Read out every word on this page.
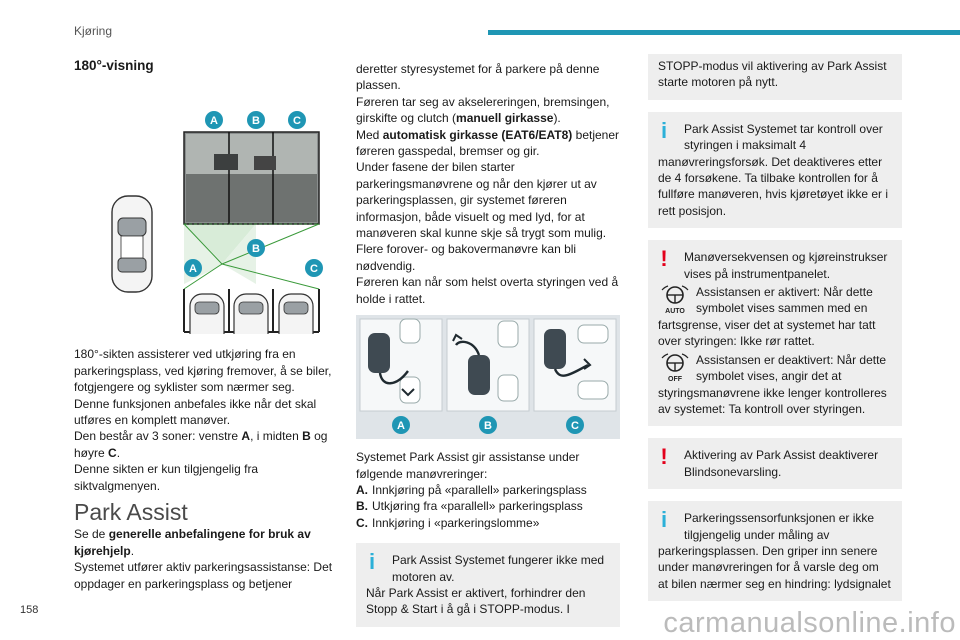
Kjøring
180°-visning
A	B	C
B
A	C

180°-sikten assisterer ved utkjøring fra en parkeringsplass, ved kjøring fremover, å se biler, fotgjengere og syklister som nærmer seg.

Denne funksjonen anbefales ikke når det skal utføres en komplett manøver.

Den består av 3 soner: venstre A, i midten B og høyre C.

Denne sikten er kun tilgjengelig fra siktvalgmenyen.

Park Assist

Se de generelle anbefalingene for bruk av kjørehjelp.

Systemet utfører aktiv parkeringsassistanse: Det oppdager en parkeringsplass og betjener

deretter styresystemet for å parkere på denne plassen.

Føreren tar seg av akselereringen, bremsingen, girskifte og clutch (manuell girkasse).

Med automatisk girkasse (EAT6/EAT8) betjener føreren gasspedal, bremser og gir.

Under fasene der bilen starter parkeringsmanøvrene og når den kjører ut av parkeringsplassen, gir systemet føreren informasjon, både visuelt og med lyd, for at manøveren skal kunne skje så trygt som mulig.

Flere forover- og bakovermanøvre kan bli nødvendig.

Føreren kan når som helst overta styringen ved å holde i rattet.

A	B	C

Systemet Park Assist gir assistanse under følgende manøvreringer:

A. Innkjøring på «parallell» parkeringsplass
B. Utkjøring fra «parallell» parkeringsplass
C. Innkjøring i «parkeringslomme»
i	Park Assist Systemet fungerer ikke med motoren av.

Når Park Assist er aktivert, forhindrer den Stopp & Start i å gå i STOPP-modus. I

STOPP-modus vil aktivering av Park Assist starte motoren på nytt.

i	Park Assist Systemet tar kontroll over styringen i maksimalt 4

manøvreringsforsøk. Det deaktiveres etter de 4 forsøkene. Ta tilbake kontrollen for å fullføre manøveren, hvis kjøretøyet ikke er i rett posisjon.

!	Manøversekvensen og kjøreinstrukser vises på instrumentpanelet.

AUTO
Assistansen er aktivert: Når dette symbolet vises sammen med en

fartsgrense, viser det at systemet har tatt over styringen: Ikke rør rattet.

OFF
Assistansen er deaktivert: Når dette symbolet vises, angir det at

styringsmanøvrene ikke lenger kontrolleres av systemet: Ta kontroll over styringen.

!	Aktivering av Park Assist deaktiverer Blindsonevarsling.

i	Parkeringssensorfunksjonen er ikke tilgjengelig under måling av

parkeringsplassen. Den griper inn senere under manøvreringen for å varsle deg om at bilen nærmer seg en hindring: lydsignalet

158	carmanualsonline.info
